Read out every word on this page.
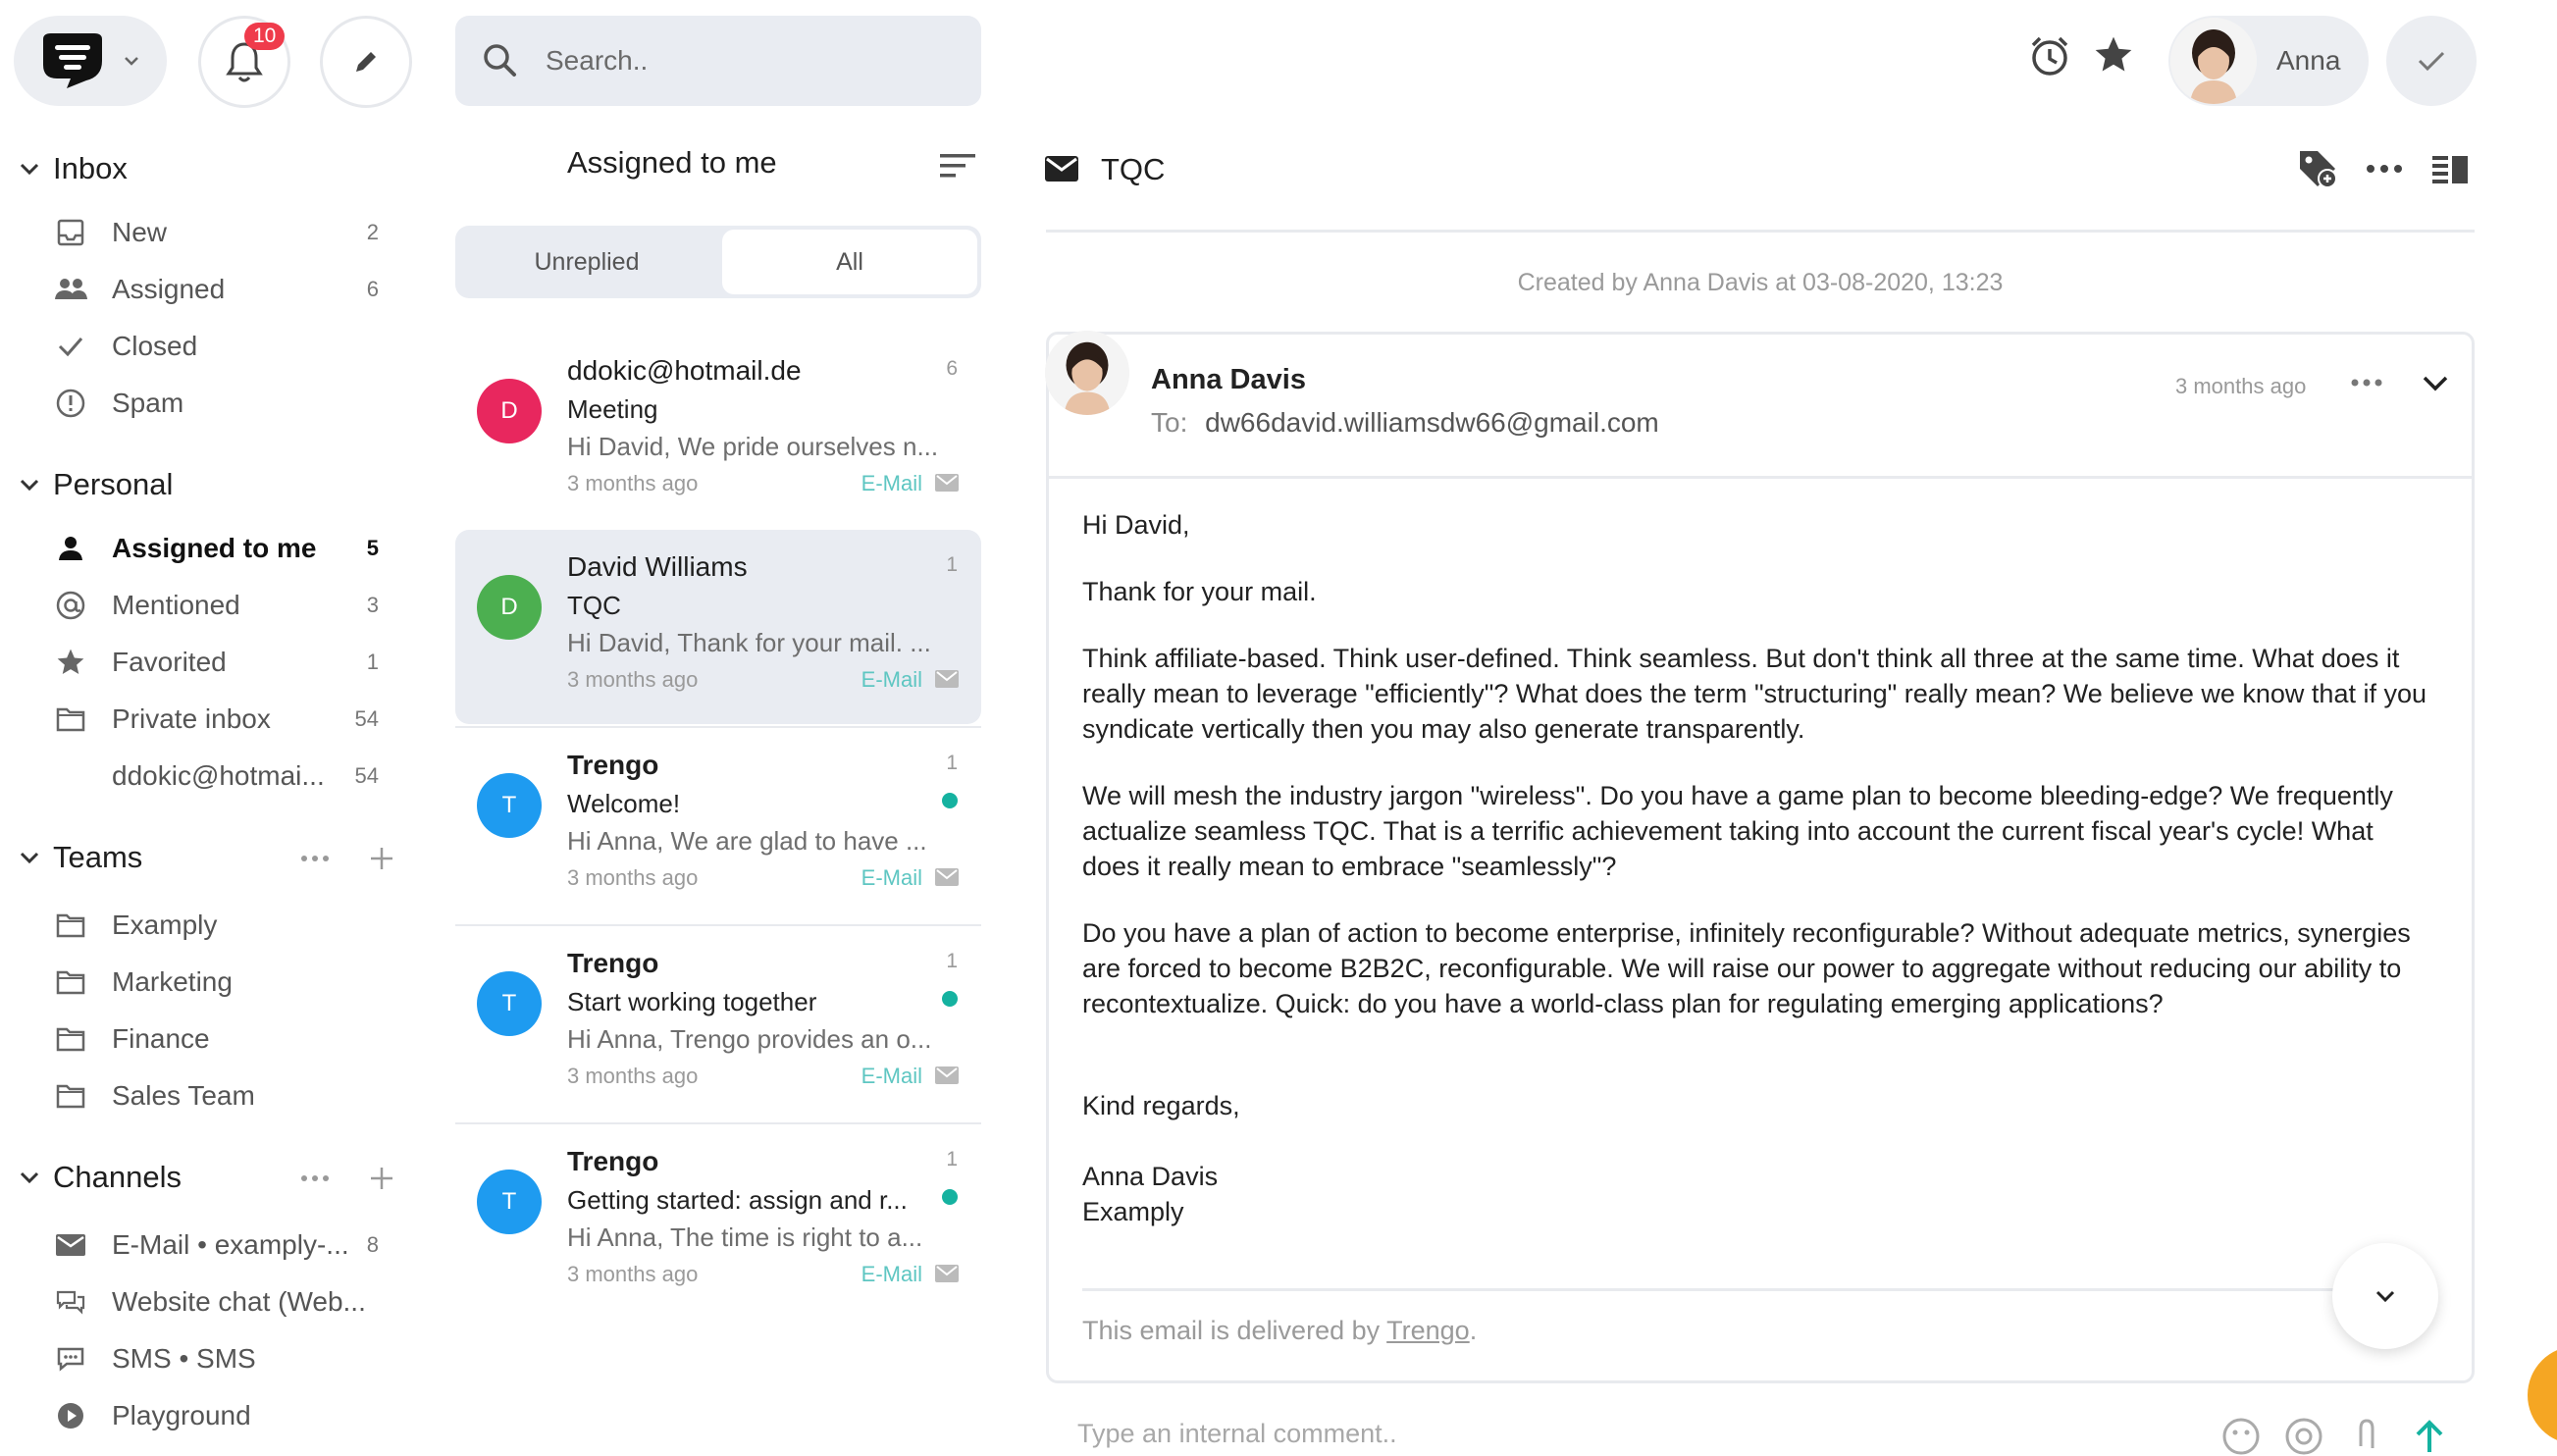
10
Search..
Anna
Inbox
New	2
Assigned	6
Closed
Spam
Personal
Assigned to me 5
Mentioned	3
Favorited	1
Private inbox	54
ddokic@hotmai... 54
Teams
Examply
Marketing
Finance
Sales Team
Channels
E-Mail • examply-... 8
Website chat (Web...
SMS • SMS
Playground
Assigned to me
Unreplied	All
D
ddokic@hotmail.de
Meeting
Hi David, We pride ourselves n...
3 months ago	E-Mail
6
D
David Williams
TQC
Hi David, Thank for your mail. ...
3 months ago	E-Mail
1
T
Trengo
Welcome!
Hi Anna, We are glad to have ...
3 months ago	E-Mail
1
T
Trengo
Start working together
Hi Anna, Trengo provides an o...
3 months ago	E-Mail
1
T
Trengo
Getting started: assign and r...
Hi Anna, The time is right to a...
3 months ago	E-Mail
1
TQC
Created by Anna Davis at 03-08-2020, 13:23
Anna Davis
To: dw66david.williamsdw66@gmail.com
3 months ago

Hi David,

Thank for your mail.

Think affiliate-based. Think user-defined. Think seamless. But don't think all three at the same time. What does it really mean to leverage "efficiently"? What does the term "structuring" really mean? We believe we know that if you syndicate vertically then you may also generate transparently.

We will mesh the industry jargon "wireless". Do you have a game plan to become bleeding-edge? We frequently actualize seamless TQC. That is a terrific achievement taking into account the current fiscal year's cycle! What does it really mean to embrace "seamlessly"?

Do you have a plan of action to become enterprise, infinitely reconfigurable? Without adequate metrics, synergies are forced to become B2B2C, reconfigurable. We will raise our power to aggregate without reducing our ability to recontextualize. Quick: do you have a world-class plan for regulating emerging applications?

Kind regards,

Anna Davis

Examply

This email is delivered by Trengo.
Type an internal comment..
